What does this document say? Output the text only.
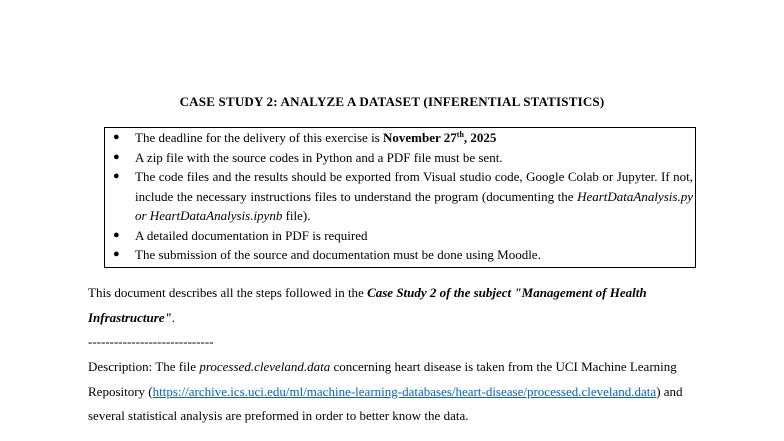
CASE STUDY 2: ANALYZE A DATASET (INFERENTIAL STATISTICS)
● The deadline for the delivery of this exercise is November 27th, 2025
● A zip file with the source codes in Python and a PDF file must be sent.
● The code files and the results should be exported from Visual studio code, Google Colab or Jupyter. If not, include the necessary instructions files to understand the program (documenting the HeartDataAnalysis.py or HeartDataAnalysis.ipynb file).
● A detailed documentation in PDF is required
● The submission of the source and documentation must be done using Moodle.
This document describes all the steps followed in the Case Study 2 of the subject "Management of Health Infrastructure".
-----------------------------
Description: The file processed.cleveland.data concerning heart disease is taken from the UCI Machine Learning Repository (https://archive.ics.uci.edu/ml/machine-learning-databases/heart-disease/processed.cleveland.data) and several statistical analysis are preformed in order to better know the data.
